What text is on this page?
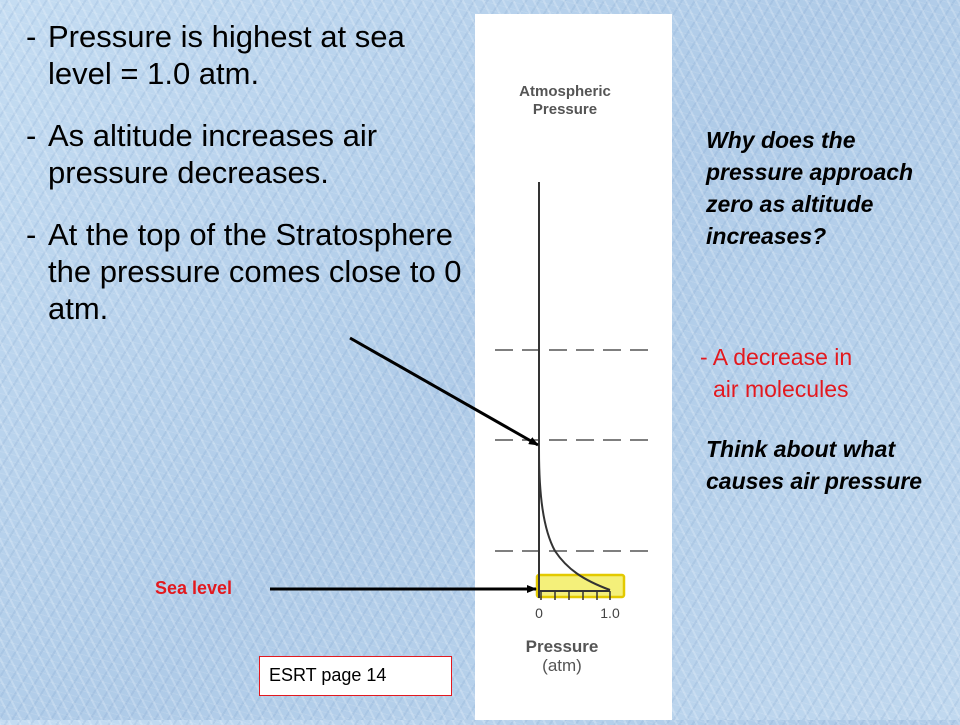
- Pressure is highest at sea level = 1.0 atm.
- As altitude increases air pressure decreases.
- At the top of the Stratosphere the pressure comes close to 0 atm.
Atmospheric
Pressure
0	1.0
Pressure
(atm)
Why does the pressure approach zero as altitude increases?
- A decrease in
air molecules
Think about what causes air pressure
Sea level
ESRT page 14
